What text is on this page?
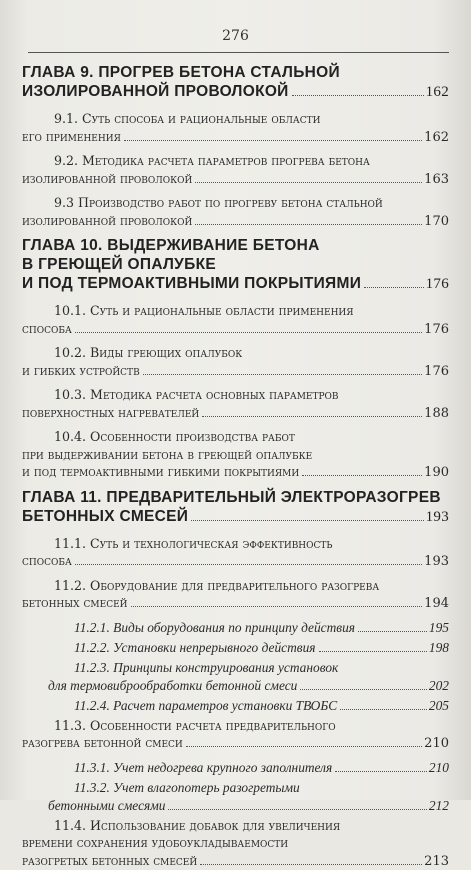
276
ГЛАВА 9. ПРОГРЕВ БЕТОНА СТАЛЬНОЙ
ИЗОЛИРОВАННОЙ ПРОВОЛОКОЙ	162
9.1. Суть способа и рациональные области
его применения	162
9.2. Методика расчета параметров прогрева бетона
изолированной проволокой	163
9.3 Производство работ по прогреву бетона стальной
изолированной проволокой	170
ГЛАВА 10. ВЫДЕРЖИВАНИЕ БЕТОНА
В ГРЕЮЩЕЙ ОПАЛУБКЕ
И ПОД ТЕРМОАКТИВНЫМИ ПОКРЫТИЯМИ	176
10.1. Суть и рациональные области применения
способа	176
10.2. Виды греющих опалубок
и гибких устройств	176
10.3. Методика расчета основных параметров
поверхностных нагревателей	188
10.4. Особенности производства работ
при выдерживании бетона в греющей опалубке
и под термоактивными гибкими покрытиями	190
ГЛАВА 11. ПРЕДВАРИТЕЛЬНЫЙ ЭЛЕКТРОРАЗОГРЕВ
БЕТОННЫХ СМЕСЕЙ	193
11.1. Суть и технологическая эффективность
способа	193
11.2. Оборудование для предварительного разогрева
бетонных смесей	194
11.2.1. Виды оборудования по принципу действия	195
11.2.2. Установки непрерывного действия	198
11.2.3. Принципы конструирования установок
для термовиброобработки бетонной смеси	202
11.2.4. Расчет параметров установки ТВОБС	205
11.3. Особенности расчета предварительного
разогрева бетонной смеси	210
11.3.1. Учет недогрева крупного заполнителя	210
11.3.2. Учет влагопотерь разогретыми
бетонными смесями	212
11.4. Использование добавок для увеличения
времени сохранения удобоукладываемости
разогретых бетонных смесей	213
